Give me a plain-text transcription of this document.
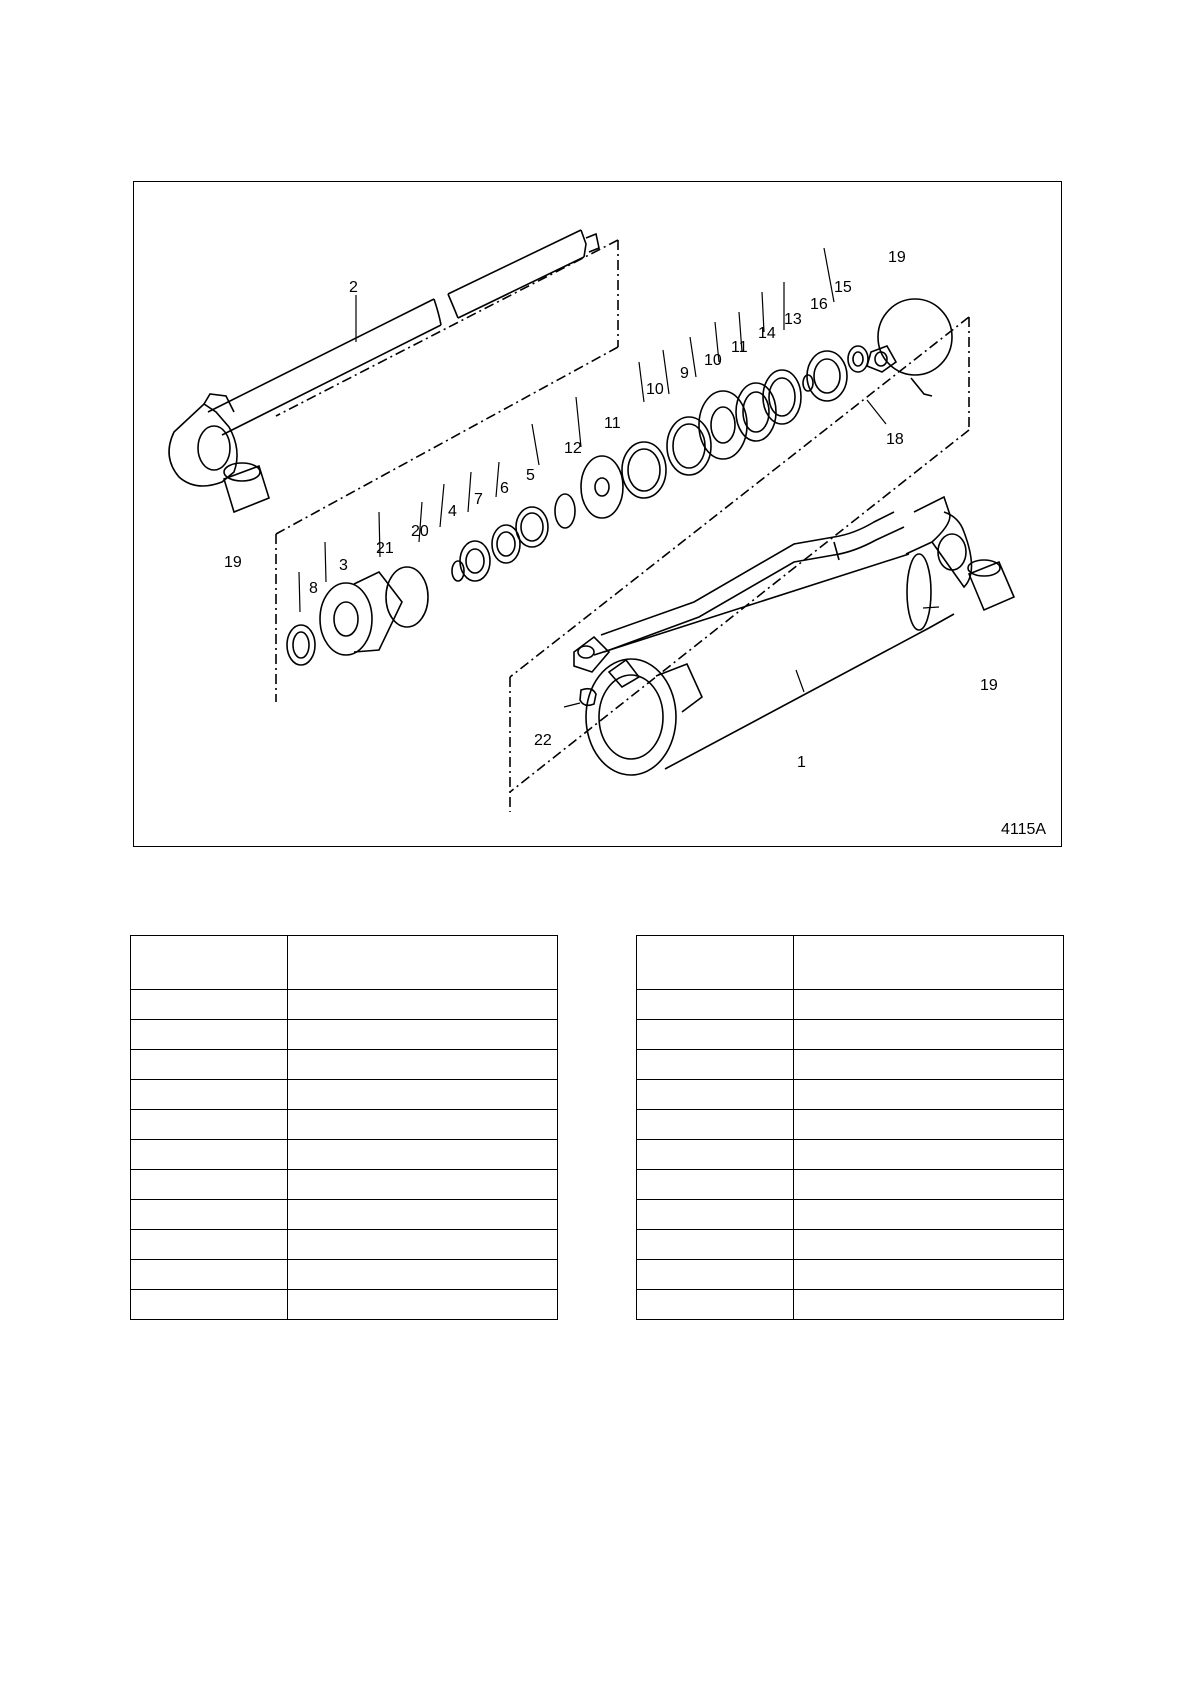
2
19
15
16
13
14
11
10
9
10
11
12
5
6
7
4
20
21
3
8
19
18
19
1
22
4115A
